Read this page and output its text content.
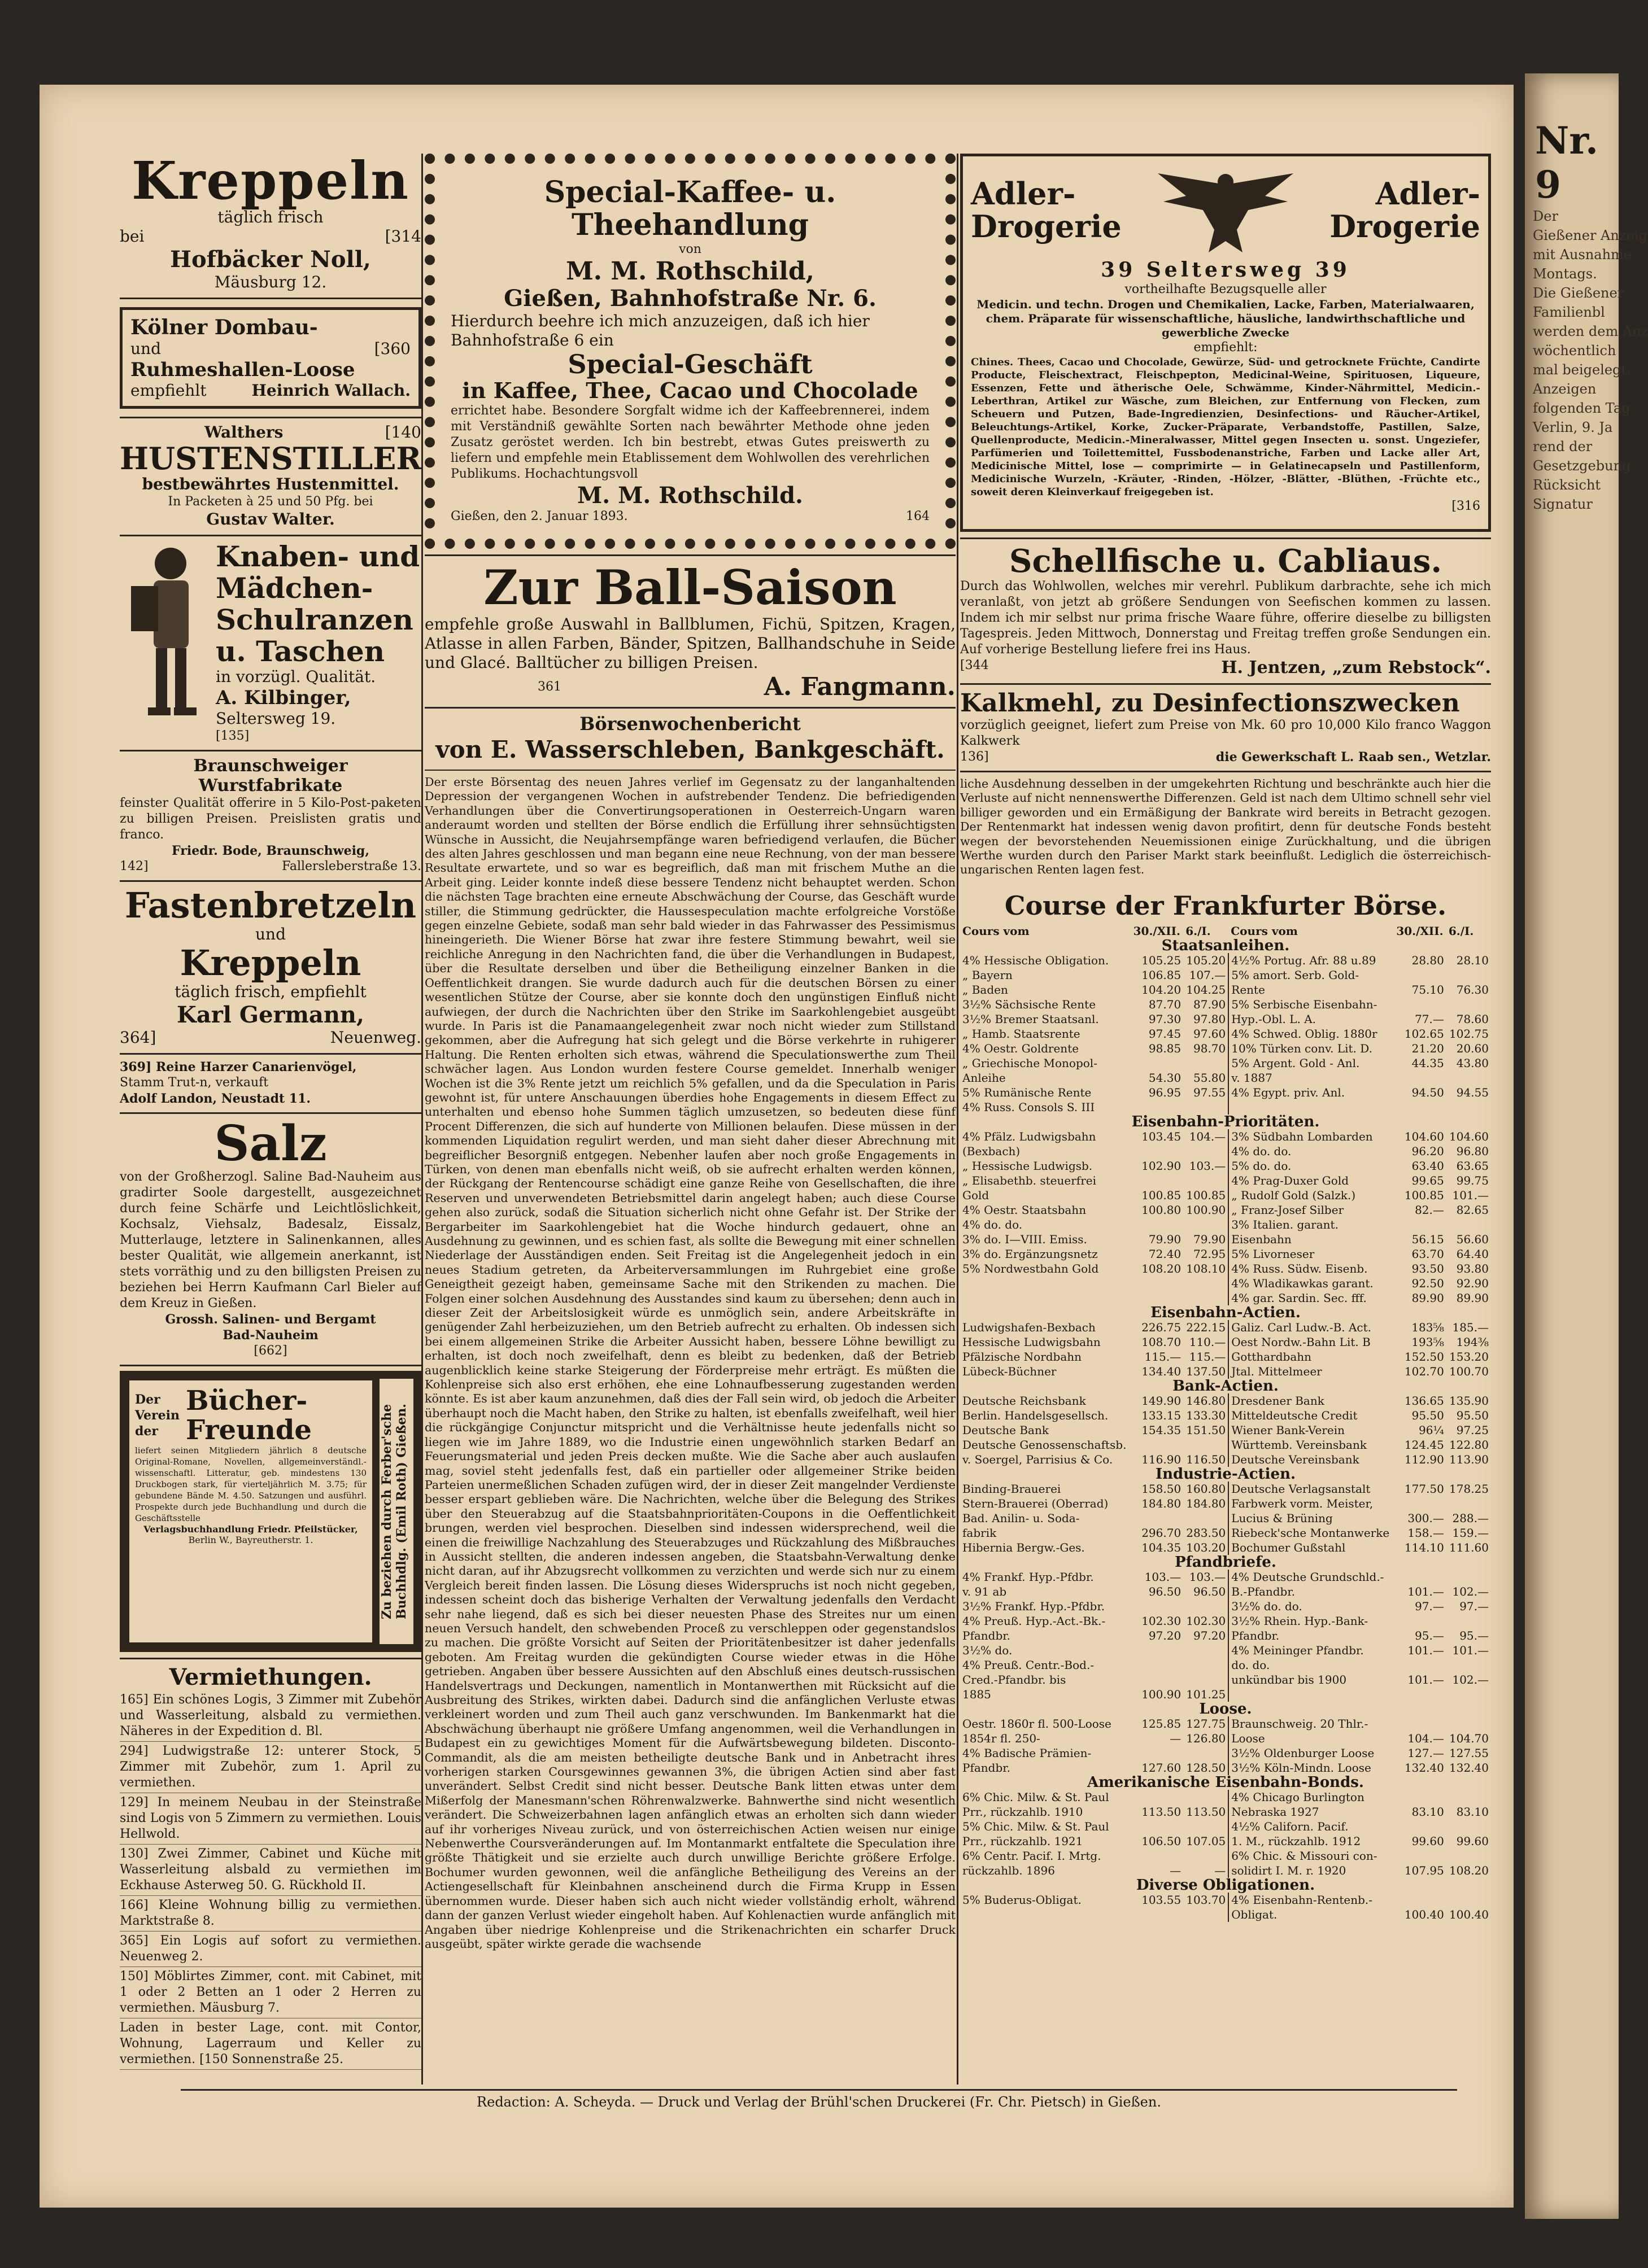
Nr. 9
Der
Gießener Anzeig
mit Ausnahme
Montags.
Die Gießener
Familienbl
werden dem Anz
wöchentlich
mal beigelegt.
Anzeigen
folgenden Tag
Verlin, 9. Ja
rend der
Gesetzgebung
Rücksicht
Signatur
Kreppeln
täglich frisch
bei	[314
Hofbäcker Noll,
Mäusburg 12.
Kölner Dombau-
und	[360
Ruhmeshallen-Loose
empfiehlt	Heinrich Wallach.
Walthers	[140
HUSTENSTILLER
bestbewährtes Hustenmittel.
In Packeten à 25 und 50 Pfg. bei
Gustav Walter.
Knaben- und
Mädchen-
Schulranzen
u. Taschen
in vorzügl. Qualität.
A. Kilbinger,
Seltersweg 19.
[135]
Braunschweiger Wurstfabrikate
feinster Qualität offerire in 5 Kilo-Post-paketen zu billigen Preisen. Preislisten gratis und franco.
Friedr. Bode, Braunschweig,
142]	Fallersleberstraße 13.
Fastenbretzeln
und
Kreppeln
täglich frisch, empfiehlt
Karl Germann,
364]	Neuenweg.
369] Reine Harzer Canarienvögel,
Stamm Trut-n, verkauft
Adolf Landon, Neustadt 11.
Salz
von der Großherzogl. Saline Bad-Nauheim aus gradirter Soole dargestellt, ausgezeichnet durch feine Schärfe und Leichtlöslichkeit, Kochsalz, Viehsalz, Badesalz, Eissalz, Mutterlauge, letztere in Salinenkannen, alles bester Qualität, wie allgemein anerkannt, ist stets vorräthig und zu den billigsten Preisen zu beziehen bei Herrn Kaufmann Carl Bieler auf dem Kreuz in Gießen.
Grossh. Salinen- und Bergamt
Bad-Nauheim
[662]
Der
Verein
der
Bücher-
Freunde
liefert seinen Mitgliedern jährlich 8 deutsche Original-Romane, Novellen, allgemeinverständl.-wissenschaftl. Litteratur, geb. mindestens 130 Druckbogen stark, für vierteljährlich M. 3.75; für gebundene Bände M. 4.50. Satzungen und ausführl. Prospekte durch jede Buchhandlung und durch die Geschäftsstelle
Verlagsbuchhandlung Friedr. Pfeilstücker,
Berlin W., Bayreutherstr. 1.	Zu beziehen durch Ferber'sche Buchhdlg. (Emil Roth) Gießen.
Vermiethungen.
165] Ein schönes Logis, 3 Zimmer mit Zubehör und Wasserleitung, alsbald zu vermiethen. Näheres in der Expedition d. Bl.
294] Ludwigstraße 12: unterer Stock, 5 Zimmer mit Zubehör, zum 1. April zu vermiethen.
129] In meinem Neubau in der Steinstraße sind Logis von 5 Zimmern zu vermiethen. Louis Hellwold.
130] Zwei Zimmer, Cabinet und Küche mit Wasserleitung alsbald zu vermiethen im Eckhause Asterweg 50. G. Rückhold II.
166] Kleine Wohnung billig zu vermiethen. Marktstraße 8.
365] Ein Logis auf sofort zu vermiethen. Neuenweg 2.
150] Möblirtes Zimmer, cont. mit Cabinet, mit 1 oder 2 Betten an 1 oder 2 Herren zu vermiethen. Mäusburg 7.
Laden in bester Lage, cont. mit Contor, Wohnung, Lagerraum und Keller zu vermiethen. [150 Sonnenstraße 25.
Special-Kaffee- u. Theehandlung
von
M. M. Rothschild,
Gießen, Bahnhofstraße Nr. 6.
Hierdurch beehre ich mich anzuzeigen, daß ich hier Bahnhofstraße 6 ein
Special-Geschäft
in Kaffee, Thee, Cacao und Chocolade
errichtet habe. Besondere Sorgfalt widme ich der Kaffeebrennerei, indem mit Verständniß gewählte Sorten nach bewährter Methode ohne jeden Zusatz geröstet werden. Ich bin bestrebt, etwas Gutes preiswerth zu liefern und empfehle mein Etablissement dem Wohlwollen des verehrlichen Publikums. Hochachtungsvoll
M. M. Rothschild.
Gießen, den 2. Januar 1893.	164
Zur Ball-Saison
empfehle große Auswahl in Ballblumen, Fichü, Spitzen, Kragen, Atlasse in allen Farben, Bänder, Spitzen, Ballhandschuhe in Seide und Glacé. Balltücher zu billigen Preisen.
361	A. Fangmann.
Börsenwochenbericht
von E. Wasserschleben, Bankgeschäft.
Der erste Börsentag des neuen Jahres verlief im Gegensatz zu der langanhaltenden Depression der vergangenen Wochen in aufstrebender Tendenz. Die befriedigenden Verhandlungen über die Convertirungsoperationen in Oesterreich-Ungarn waren anderaumt worden und stellten der Börse endlich die Erfüllung ihrer sehnsüchtigsten Wünsche in Aussicht, die Neujahrsempfänge waren befriedigend verlaufen, die Bücher des alten Jahres geschlossen und man begann eine neue Rechnung, von der man bessere Resultate erwartete, und so war es begreiflich, daß man mit frischem Muthe an die Arbeit ging. Leider konnte indeß diese bessere Tendenz nicht behauptet werden. Schon die nächsten Tage brachten eine erneute Abschwächung der Course, das Geschäft wurde stiller, die Stimmung gedrückter, die Haussespeculation machte erfolgreiche Vorstöße gegen einzelne Gebiete, sodaß man sehr bald wieder in das Fahrwasser des Pessimismus hineingerieth. Die Wiener Börse hat zwar ihre festere Stimmung bewahrt, weil sie reichliche Anregung in den Nachrichten fand, die über die Verhandlungen in Budapest, über die Resultate derselben und über die Betheiligung einzelner Banken in die Oeffentlichkeit drangen. Sie wurde dadurch auch für die deutschen Börsen zu einer wesentlichen Stütze der Course, aber sie konnte doch den ungünstigen Einfluß nicht aufwiegen, der durch die Nachrichten über den Strike im Saarkohlengebiet ausgeübt wurde. In Paris ist die Panamaangelegenheit zwar noch nicht wieder zum Stillstand gekommen, aber die Aufregung hat sich gelegt und die Börse verkehrte in ruhigerer Haltung. Die Renten erholten sich etwas, während die Speculationswerthe zum Theil schwächer lagen. Aus London wurden festere Course gemeldet. Innerhalb weniger Wochen ist die 3% Rente jetzt um reichlich 5% gefallen, und da die Speculation in Paris gewohnt ist, für untere Anschauungen überdies hohe Engagements in diesem Effect zu unterhalten und ebenso hohe Summen täglich umzusetzen, so bedeuten diese fünf Procent Differenzen, die sich auf hunderte von Millionen belaufen. Diese müssen in der kommenden Liquidation regulirt werden, und man sieht daher dieser Abrechnung mit begreiflicher Besorgniß entgegen. Nebenher laufen aber noch große Engagements in Türken, von denen man ebenfalls nicht weiß, ob sie aufrecht erhalten werden können, der Rückgang der Rentencourse schädigt eine ganze Reihe von Gesellschaften, die ihre Reserven und unverwendeten Betriebsmittel darin angelegt haben; auch diese Course gehen also zurück, sodaß die Situation sicherlich nicht ohne Gefahr ist. Der Strike der Bergarbeiter im Saarkohlengebiet hat die Woche hindurch gedauert, ohne an Ausdehnung zu gewinnen, und es schien fast, als sollte die Bewegung mit einer schnellen Niederlage der Ausständigen enden. Seit Freitag ist die Angelegenheit jedoch in ein neues Stadium getreten, da Arbeiterversammlungen im Ruhrgebiet eine große Geneigtheit gezeigt haben, gemeinsame Sache mit den Strikenden zu machen. Die Folgen einer solchen Ausdehnung des Ausstandes sind kaum zu übersehen; denn auch in dieser Zeit der Arbeitslosigkeit würde es unmöglich sein, andere Arbeitskräfte in genügender Zahl herbeizuziehen, um den Betrieb aufrecht zu erhalten. Ob indessen sich bei einem allgemeinen Strike die Arbeiter Aussicht haben, bessere Löhne bewilligt zu erhalten, ist doch noch zweifelhaft, denn es bleibt zu bedenken, daß der Betrieb augenblicklich keine starke Steigerung der Förderpreise mehr erträgt. Es müßten die Kohlenpreise sich also erst erhöhen, ehe eine Lohnaufbesserung zugestanden werden könnte. Es ist aber kaum anzunehmen, daß dies der Fall sein wird, ob jedoch die Arbeiter überhaupt noch die Macht haben, den Strike zu halten, ist ebenfalls zweifelhaft, weil hier die rückgängige Conjunctur mitspricht und die Verhältnisse heute jedenfalls nicht so liegen wie im Jahre 1889, wo die Industrie einen ungewöhnlich starken Bedarf an Feuerungsmaterial und jeden Preis decken mußte. Wie die Sache aber auch auslaufen mag, soviel steht jedenfalls fest, daß ein partieller oder allgemeiner Strike beiden Parteien unermeßlichen Schaden zufügen wird, der in dieser Zeit mangelnder Verdienste besser erspart geblieben wäre. Die Nachrichten, welche über die Belegung des Strikes über den Steuerabzug auf die Staatsbahnprioritäten-Coupons in die Oeffentlichkeit brungen, werden viel besprochen. Dieselben sind indessen widersprechend, weil die einen die freiwillige Nachzahlung des Steuerabzuges und Rückzahlung des Mißbrauches in Aussicht stellten, die anderen indessen angeben, die Staatsbahn-Verwaltung denke nicht daran, auf ihr Abzugsrecht vollkommen zu verzichten und werde sich nur zu einem Vergleich bereit finden lassen. Die Lösung dieses Widerspruchs ist noch nicht gegeben, indessen scheint doch das bisherige Verhalten der Verwaltung jedenfalls den Verdacht sehr nahe liegend, daß es sich bei dieser neuesten Phase des Streites nur um einen neuen Versuch handelt, den schwebenden Proceß zu verschleppen oder gegenstandslos zu machen. Die größte Vorsicht auf Seiten der Prioritätenbesitzer ist daher jedenfalls geboten. Am Freitag wurden die gekündigten Course wieder etwas in die Höhe getrieben. Angaben über bessere Aussichten auf den Abschluß eines deutsch-russischen Handelsvertrags und Deckungen, namentlich in Montanwerthen mit Rücksicht auf die Ausbreitung des Strikes, wirkten dabei. Dadurch sind die anfänglichen Verluste etwas verkleinert worden und zum Theil auch ganz verschwunden. Im Bankenmarkt hat die Abschwächung überhaupt nie größere Umfang angenommen, weil die Verhandlungen in Budapest ein zu gewichtiges Moment für die Aufwärtsbewegung bildeten. Disconto-Commandit, als die am meisten betheiligte deutsche Bank und in Anbetracht ihres vorherigen starken Coursgewinnes gewannen 3%, die übrigen Actien sind aber fast unverändert. Selbst Credit sind nicht besser. Deutsche Bank litten etwas unter dem Mißerfolg der Manesmann'schen Röhrenwalzwerke. Bahnwerthe sind nicht wesentlich verändert. Die Schweizerbahnen lagen anfänglich etwas an erholten sich dann wieder auf ihr vorheriges Niveau zurück, und von österreichischen Actien weisen nur einige Nebenwerthe Coursveränderungen auf. Im Montanmarkt entfaltete die Speculation ihre größte Thätigkeit und sie erzielte auch durch unwillige Berichte größere Erfolge. Bochumer wurden gewonnen, weil die anfängliche Betheiligung des Vereins an der Actiengesellschaft für Kleinbahnen anscheinend durch die Firma Krupp in Essen übernommen wurde. Dieser haben sich auch nicht wieder vollständig erholt, während dann der ganzen Verlust wieder eingeholt haben. Auf Kohlenactien wurde anfänglich mit Angaben über niedrige Kohlenpreise und die Strikenachrichten ein scharfer Druck ausgeübt, später wirkte gerade die wachsende
Adler-
Drogerie
Adler-
Drogerie
39 Seltersweg 39
vortheilhafte Bezugsquelle aller
Medicin. und techn. Drogen und Chemikalien, Lacke, Farben, Materialwaaren, chem. Präparate für wissenschaftliche, häusliche, landwirthschaftliche und gewerbliche Zwecke
empfiehlt:
Chines. Thees, Cacao und Chocolade, Gewürze, Süd- und getrocknete Früchte, Candirte Producte, Fleischextract, Fleischpepton, Medicinal-Weine, Spirituosen, Liqueure, Essenzen, Fette und ätherische Oele, Schwämme, Kinder-Nährmittel, Medicin.-Leberthran, Artikel zur Wäsche, zum Bleichen, zur Entfernung von Flecken, zum Scheuern und Putzen, Bade-Ingredienzien, Desinfections- und Räucher-Artikel, Beleuchtungs-Artikel, Korke, Zucker-Präparate, Verbandstoffe, Pastillen, Salze, Quellenproducte, Medicin.-Mineralwasser, Mittel gegen Insecten u. sonst. Ungeziefer, Parfümerien und Toilettemittel, Fussbodenanstriche, Farben und Lacke aller Art, Medicinische Mittel, lose — comprimirte — in Gelatinecapseln und Pastillenform, Medicinische Wurzeln, -Kräuter, -Rinden, -Hölzer, -Blätter, -Blüthen, -Früchte etc., soweit deren Kleinverkauf freigegeben ist.
[316
Schellfische u. Cabliaus.
Durch das Wohlwollen, welches mir verehrl. Publikum darbrachte, sehe ich mich veranlaßt, von jetzt ab größere Sendungen von Seefischen kommen zu lassen. Indem ich mir selbst nur prima frische Waare führe, offerire dieselbe zu billigsten Tagespreis. Jeden Mittwoch, Donnerstag und Freitag treffen große Sendungen ein. Auf vorherige Bestellung liefere frei ins Haus.
[344	H. Jentzen, „zum Rebstock“.
Kalkmehl, zu Desinfectionszwecken
vorzüglich geeignet, liefert zum Preise von Mk. 60 pro 10,000 Kilo franco Waggon Kalkwerk
136]	die Gewerkschaft L. Raab sen., Wetzlar.
liche Ausdehnung desselben in der umgekehrten Richtung und beschränkte auch hier die Verluste auf nicht nennenswerthe Differenzen. Geld ist nach dem Ultimo schnell sehr viel billiger geworden und ein Ermäßigung der Bankrate wird bereits in Betracht gezogen. Der Rentenmarkt hat indessen wenig davon profitirt, denn für deutsche Fonds besteht wegen der bevorstehenden Neuemissionen einige Zurückhaltung, und die übrigen Werthe wurden durch den Pariser Markt stark beeinflußt. Lediglich die österreichisch-ungarischen Renten lagen fest.
Course der Frankfurter Börse.
Cours vom	30./XII.	6./I.	Cours vom	30./XII.	6./I.
Staatsanleihen.					
4% Hessische Obligation.	105.25	105.20	4½% Portug. Afr. 88 u.89	28.80	28.10
„ Bayern	106.85	107.—	5% amort. Serb. Gold-		
„ Baden	104.20	104.25	Rente	75.10	76.30
3½% Sächsische Rente	87.70	87.90	5% Serbische Eisenbahn-		
3½% Bremer Staatsanl.	97.30	97.80	Hyp.-Obl. L. A.	77.—	78.60
„ Hamb. Staatsrente	97.45	97.60	4% Schwed. Oblig. 1880r	102.65	102.75
4% Oestr. Goldrente	98.85	98.70	10% Türken conv. Lit. D.	21.20	20.60
„ Griechische Monopol-			5% Argent. Gold - Anl.	44.35	43.80
Anleihe	54.30	55.80	v. 1887		
5% Rumänische Rente	96.95	97.55	4% Egypt. priv. Anl.	94.50	94.55
4% Russ. Consols S. III					
Eisenbahn-Prioritäten.					
4% Pfälz. Ludwigsbahn	103.45	104.—	3% Südbahn Lombarden	104.60	104.60
(Bexbach)			4% do. do.	96.20	96.80
„ Hessische Ludwigsb.	102.90	103.—	5% do. do.	63.40	63.65
„ Elisabethb. steuerfrei			4% Prag-Duxer Gold	99.65	99.75
Gold	100.85	100.85	„ Rudolf Gold (Salzk.)	100.85	101.—
4% Oestr. Staatsbahn	100.80	100.90	„ Franz-Josef Silber	82.—	82.65
4% do. do.			3% Italien. garant.		
3% do. I—VIII. Emiss.	79.90	79.90	Eisenbahn	56.15	56.60
3% do. Ergänzungsnetz	72.40	72.95	5% Livorneser	63.70	64.40
5% Nordwestbahn Gold	108.20	108.10	4% Russ. Südw. Eisenb.	93.50	93.80
			4% Wladikawkas garant.	92.50	92.90
			4% gar. Sardin. Sec. fff.	89.90	89.90
Eisenbahn-Actien.					
Ludwigshafen-Bexbach	226.75	222.15	Galiz. Carl Ludw.-B. Act.	183⅝	185.—
Hessische Ludwigsbahn	108.70	110.—	Oest Nordw.-Bahn Lit. B	193⅝	194⅜
Pfälzische Nordbahn	115.—	115.—	Gotthardbahn	152.50	153.20
Lübeck-Büchner	134.40	137.50	Jtal. Mittelmeer	102.70	100.70
Bank-Actien.					
Deutsche Reichsbank	149.90	146.80	Dresdener Bank	136.65	135.90
Berlin. Handelsgesellsch.	133.15	133.30	Mitteldeutsche Credit	95.50	95.50
Deutsche Bank	154.35	151.50	Wiener Bank-Verein	96¼	97.25
Deutsche Genossenschaftsb.			Württemb. Vereinsbank	124.45	122.80
v. Soergel, Parrisius & Co.	116.90	116.50	Deutsche Vereinsbank	112.90	113.90
Industrie-Actien.					
Binding-Brauerei	158.50	160.80	Deutsche Verlagsanstalt	177.50	178.25
Stern-Brauerei (Oberrad)	184.80	184.80	Farbwerk vorm. Meister,		
Bad. Anilin- u. Soda-			Lucius & Brüning	300.—	288.—
fabrik	296.70	283.50	Riebeck'sche Montanwerke	158.—	159.—
Hibernia Bergw.-Ges.	104.35	103.20	Bochumer Gußstahl	114.10	111.60
Pfandbriefe.					
4% Frankf. Hyp.-Pfdbr.	103.—	103.—	4% Deutsche Grundschld.-		
v. 91 ab	96.50	96.50	B.-Pfandbr.	101.—	102.—
3½% Frankf. Hyp.-Pfdbr.			3½% do. do.	97.—	97.—
4% Preuß. Hyp.-Act.-Bk.-	102.30	102.30	3½% Rhein. Hyp.-Bank-		
Pfandbr.	97.20	97.20	Pfandbr.	95.—	95.—
3½% do.			4% Meininger Pfandbr.	101.—	101.—
4% Preuß. Centr.-Bod.-			do. do.		
Cred.-Pfandbr. bis			unkündbar bis 1900	101.—	102.—
1885	100.90	101.25			
Loose.					
Oestr. 1860r fl. 500-Loose	125.85	127.75	Braunschweig. 20 Thlr.-		
1854r fl. 250-	—	126.80	Loose	104.—	104.70
4% Badische Prämien-			3½% Oldenburger Loose	127.—	127.55
Pfandbr.	127.60	128.50	3½% Köln-Mindn. Loose	132.40	132.40
Amerikanische Eisenbahn-Bonds.					
6% Chic. Milw. & St. Paul			4% Chicago Burlington		
Prr., rückzahlb. 1910	113.50	113.50	Nebraska 1927	83.10	83.10
5% Chic. Milw. & St. Paul			4½% Californ. Pacif.		
Prr., rückzahlb. 1921	106.50	107.05	1. M., rückzahlb. 1912	99.60	99.60
6% Centr. Pacif. I. Mrtg.			6% Chic. & Missouri con-		
rückzahlb. 1896	—	—	solidirt I. M. r. 1920	107.95	108.20
Diverse Obligationen.					
5% Buderus-Obligat.	103.55	103.70	4% Eisenbahn-Rentenb.-		
			Obligat.	100.40	100.40
Redaction: A. Scheyda. — Druck und Verlag der Brühl'schen Druckerei (Fr. Chr. Pietsch) in Gießen.
